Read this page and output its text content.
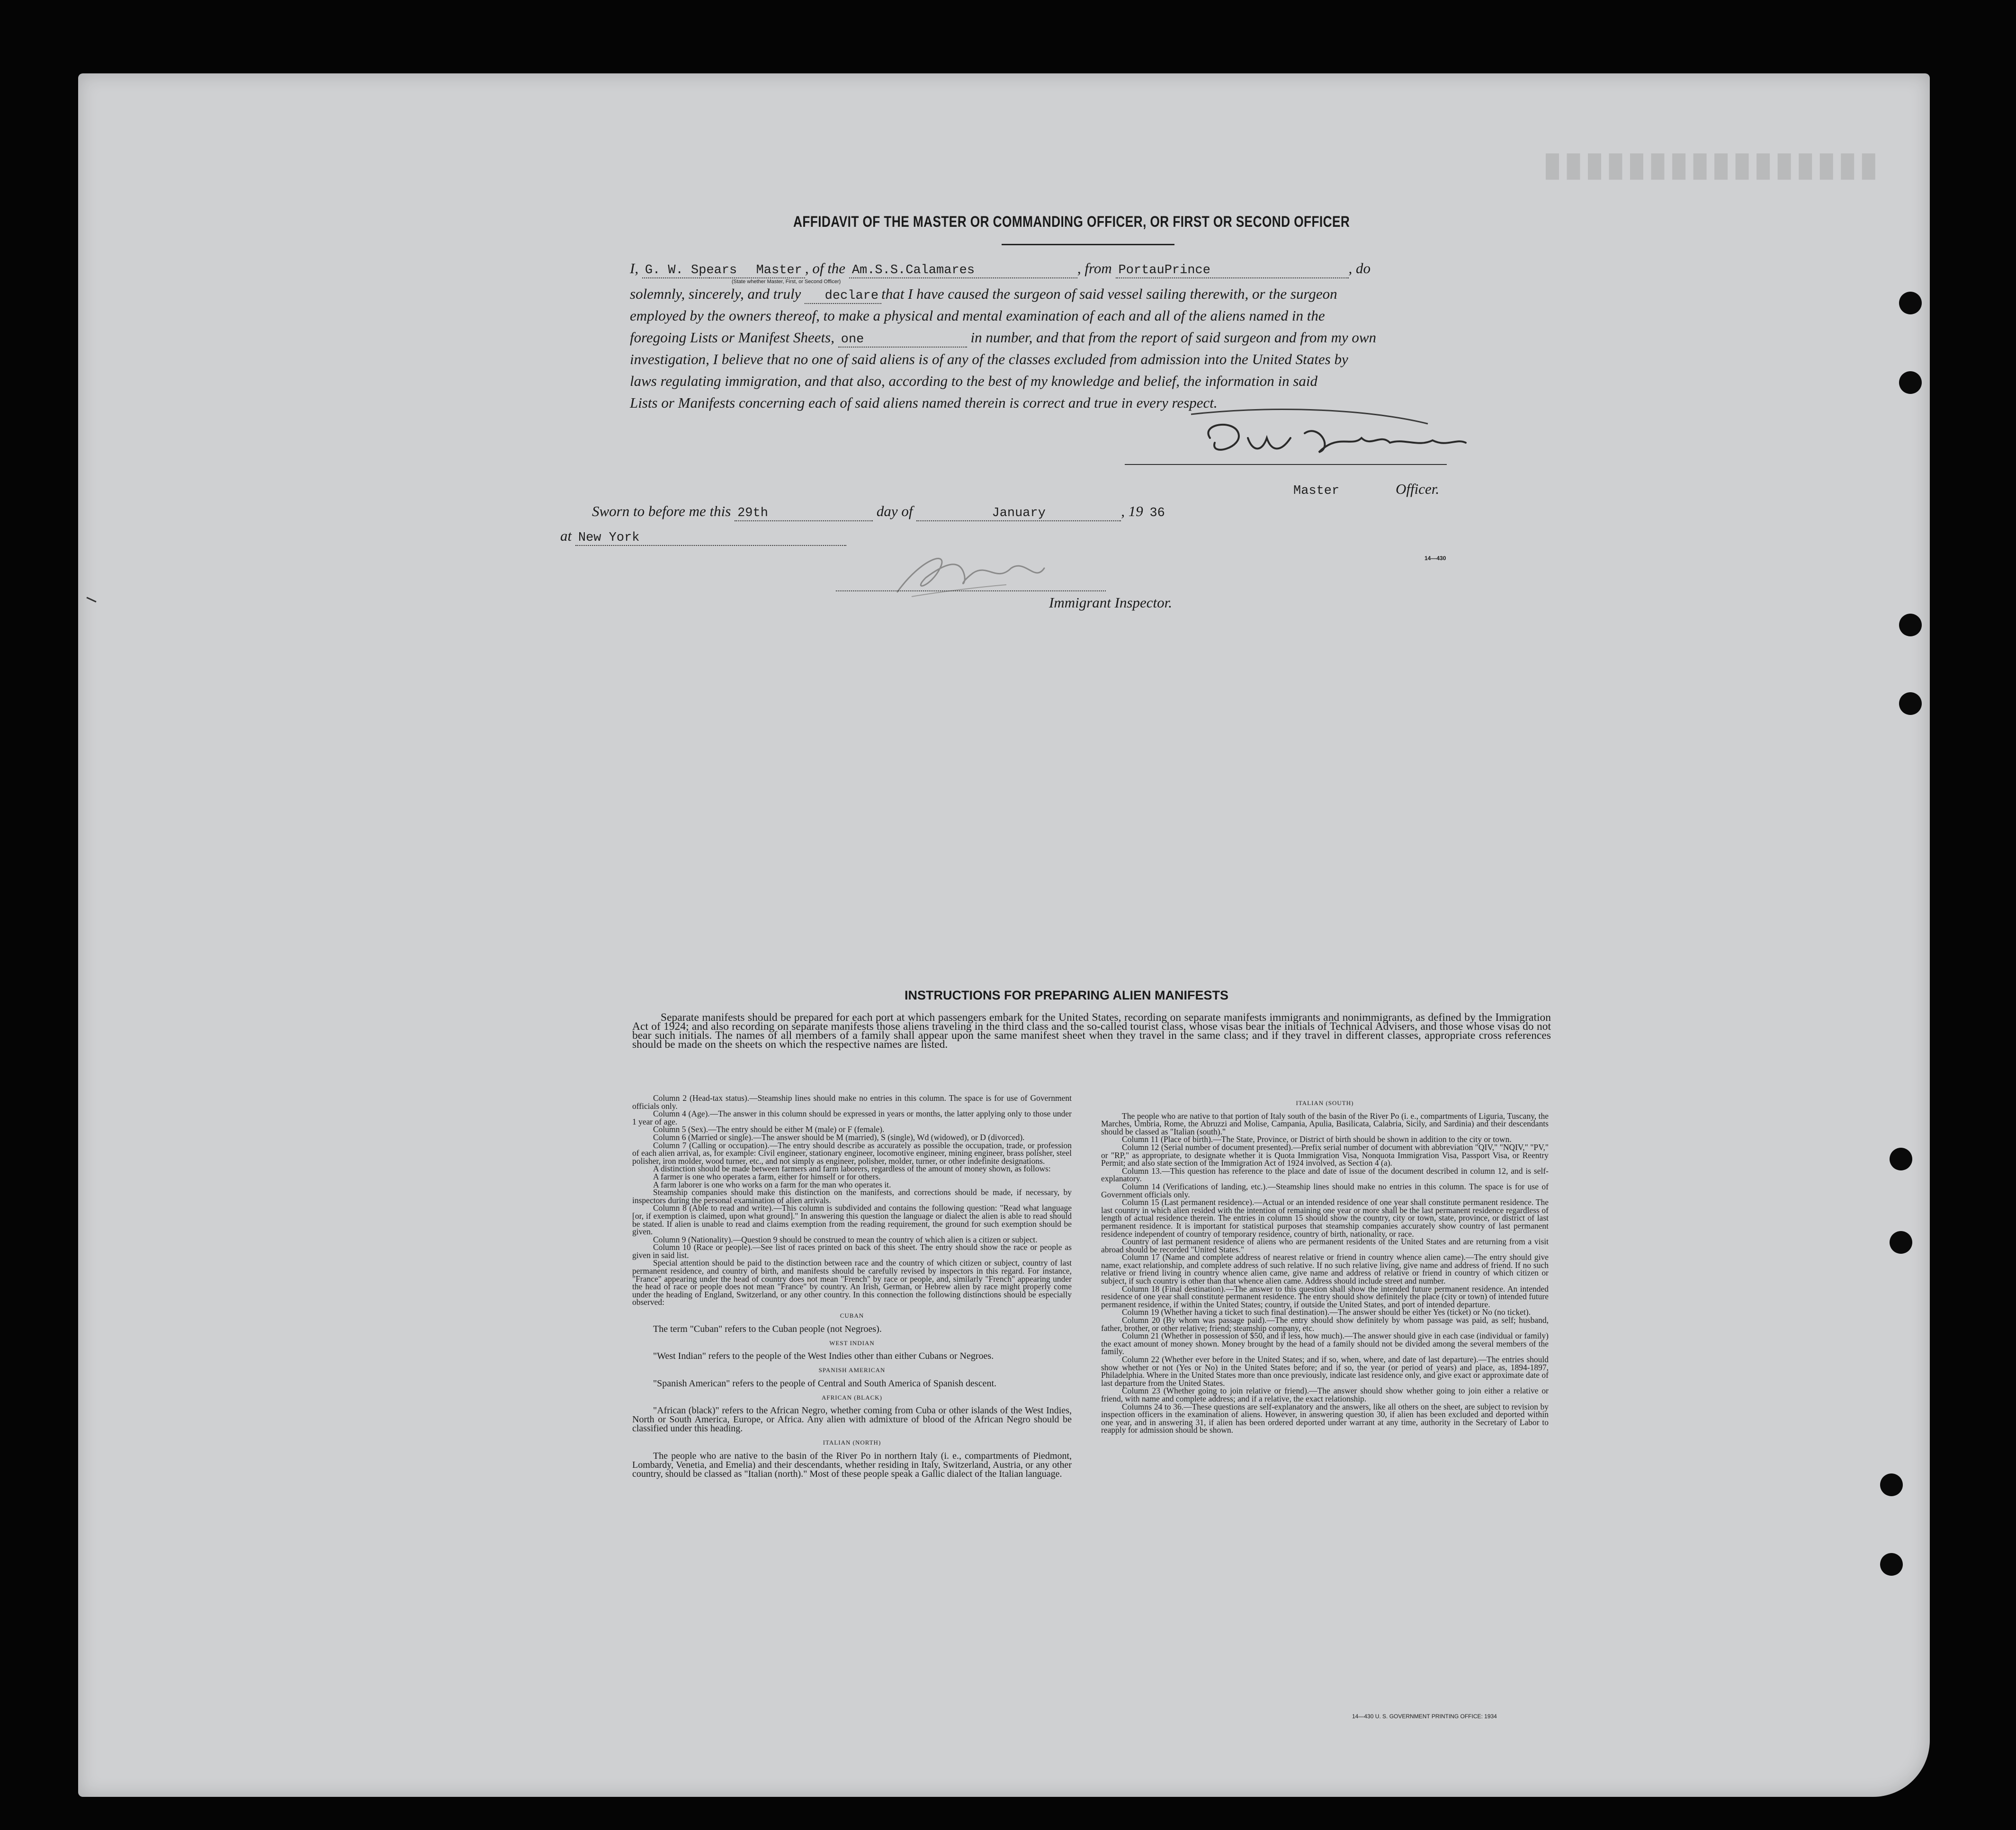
▮▮▮▮▮▮▮▮▮▮▮▮▮▮▮▮
AFFIDAVIT OF THE MASTER OR COMMANDING OFFICER, OR FIRST OR SECOND OFFICER
I, G. W. Spears Master , of the Am.S.S.Calamares	, from PortauPrince	, do
(State whether Master, First, or Second Officer)
solemnly, sincerely, and truly declare that I have caused the surgeon of said vessel sailing therewith, or the surgeon
employed by the owners thereof, to make a physical and mental examination of each and all of the aliens named in the
foregoing Lists or Manifest Sheets, one	in number, and that from the report of said surgeon and from my own
investigation, I believe that no one of said aliens is of any of the classes excluded from admission into the United States by
laws regulating immigration, and that also, according to the best of my knowledge and belief, the information in said
Lists or Manifests concerning each of said aliens named therein is correct and true in every respect.
Master	Officer.
Sworn to before me this 29th	day of	January	, 19 36
at New York
Immigrant Inspector.
14—430
INSTRUCTIONS FOR PREPARING ALIEN MANIFESTS
Separate manifests should be prepared for each port at which passengers embark for the United States, recording on separate manifests immigrants and nonimmigrants, as defined by the Immigration Act of 1924; and also recording on separate manifests those aliens traveling in the third class and the so-called tourist class, whose visas bear the initials of Technical Advisers, and those whose visas do not bear such initials. The names of all members of a family shall appear upon the same manifest sheet when they travel in the same class; and if they travel in different classes, appropriate cross references should be made on the sheets on which the respective names are listed.

Column 2 (Head-tax status).—Steamship lines should make no entries in this column. The space is for use of Government officials only.

Column 4 (Age).—The answer in this column should be expressed in years or months, the latter applying only to those under 1 year of age.

Column 5 (Sex).—The entry should be either M (male) or F (female).

Column 6 (Married or single).—The answer should be M (married), S (single), Wd (widowed), or D (divorced).

Column 7 (Calling or occupation).—The entry should describe as accurately as possible the occupation, trade, or profession of each alien arrival, as, for example: Civil engineer, stationary engineer, locomotive engineer, mining engineer, brass polisher, steel polisher, iron molder, wood turner, etc., and not simply as engineer, polisher, molder, turner, or other indefinite designations.

A distinction should be made between farmers and farm laborers, regardless of the amount of money shown, as follows:

A farmer is one who operates a farm, either for himself or for others.

A farm laborer is one who works on a farm for the man who operates it.

Steamship companies should make this distinction on the manifests, and corrections should be made, if necessary, by inspectors during the personal examination of alien arrivals.

Column 8 (Able to read and write).—This column is subdivided and contains the following question: "Read what language [or, if exemption is claimed, upon what ground]." In answering this question the language or dialect the alien is able to read should be stated. If alien is unable to read and claims exemption from the reading requirement, the ground for such exemption should be given.

Column 9 (Nationality).—Question 9 should be construed to mean the country of which alien is a citizen or subject.

Column 10 (Race or people).—See list of races printed on back of this sheet. The entry should show the race or people as given in said list.

Special attention should be paid to the distinction between race and the country of which citizen or subject, country of last permanent residence, and country of birth, and manifests should be carefully revised by inspectors in this regard. For instance, "France" appearing under the head of country does not mean "French" by race or people, and, similarly "French" appearing under the head of race or people does not mean "France" by country. An Irish, German, or Hebrew alien by race might properly come under the heading of England, Switzerland, or any other country. In this connection the following distinctions should be especially observed:

CUBAN

The term "Cuban" refers to the Cuban people (not Negroes).

WEST INDIAN

"West Indian" refers to the people of the West Indies other than either Cubans or Negroes.

SPANISH AMERICAN

"Spanish American" refers to the people of Central and South America of Spanish descent.

AFRICAN (BLACK)

"African (black)" refers to the African Negro, whether coming from Cuba or other islands of the West Indies, North or South America, Europe, or Africa. Any alien with admixture of blood of the African Negro should be classified under this heading.

ITALIAN (NORTH)

The people who are native to the basin of the River Po in northern Italy (i. e., compartments of Piedmont, Lombardy, Venetia, and Emelia) and their descendants, whether residing in Italy, Switzerland, Austria, or any other country, should be classed as "Italian (north)." Most of these people speak a Gallic dialect of the Italian language.

ITALIAN (SOUTH)

The people who are native to that portion of Italy south of the basin of the River Po (i. e., compartments of Liguria, Tuscany, the Marches, Umbria, Rome, the Abruzzi and Molise, Campania, Apulia, Basilicata, Calabria, Sicily, and Sardinia) and their descendants should be classed as "Italian (south)."

Column 11 (Place of birth).—The State, Province, or District of birth should be shown in addition to the city or town.

Column 12 (Serial number of document presented).—Prefix serial number of document with abbreviation "QIV," "NQIV," "PV," or "RP," as appropriate, to designate whether it is Quota Immigration Visa, Nonquota Immigration Visa, Passport Visa, or Reentry Permit; and also state section of the Immigration Act of 1924 involved, as Section 4 (a).

Column 13.—This question has reference to the place and date of issue of the document described in column 12, and is self-explanatory.

Column 14 (Verifications of landing, etc.).—Steamship lines should make no entries in this column. The space is for use of Government officials only.

Column 15 (Last permanent residence).—Actual or an intended residence of one year shall constitute permanent residence. The last country in which alien resided with the intention of remaining one year or more shall be the last permanent residence regardless of length of actual residence therein. The entries in column 15 should show the country, city or town, state, province, or district of last permanent residence. It is important for statistical purposes that steamship companies accurately show country of last permanent residence independent of country of temporary residence, country of birth, nationality, or race.

Country of last permanent residence of aliens who are permanent residents of the United States and are returning from a visit abroad should be recorded "United States."

Column 17 (Name and complete address of nearest relative or friend in country whence alien came).—The entry should give name, exact relationship, and complete address of such relative. If no such relative living, give name and address of friend. If no such relative or friend living in country whence alien came, give name and address of relative or friend in country of which citizen or subject, if such country is other than that whence alien came. Address should include street and number.

Column 18 (Final destination).—The answer to this question shall show the intended future permanent residence. An intended residence of one year shall constitute permanent residence. The entry should show definitely the place (city or town) of intended future permanent residence, if within the United States; country, if outside the United States, and port of intended departure.

Column 19 (Whether having a ticket to such final destination).—The answer should be either Yes (ticket) or No (no ticket).

Column 20 (By whom was passage paid).—The entry should show definitely by whom passage was paid, as self; husband, father, brother, or other relative; friend; steamship company, etc.

Column 21 (Whether in possession of $50, and if less, how much).—The answer should give in each case (individual or family) the exact amount of money shown. Money brought by the head of a family should not be divided among the several members of the family.

Column 22 (Whether ever before in the United States; and if so, when, where, and date of last departure).—The entries should show whether or not (Yes or No) in the United States before; and if so, the year (or period of years) and place, as, 1894-1897, Philadelphia. Where in the United States more than once previously, indicate last residence only, and give exact or approximate date of last departure from the United States.

Column 23 (Whether going to join relative or friend).—The answer should show whether going to join either a relative or friend, with name and complete address; and if a relative, the exact relationship.

Columns 24 to 36.—These questions are self-explanatory and the answers, like all others on the sheet, are subject to revision by inspection officers in the examination of aliens. However, in answering question 30, if alien has been excluded and deported within one year, and in answering 31, if alien has been ordered deported under warrant at any time, authority in the Secretary of Labor to reapply for admission should be shown.

14—430 U. S. GOVERNMENT PRINTING OFFICE: 1934
